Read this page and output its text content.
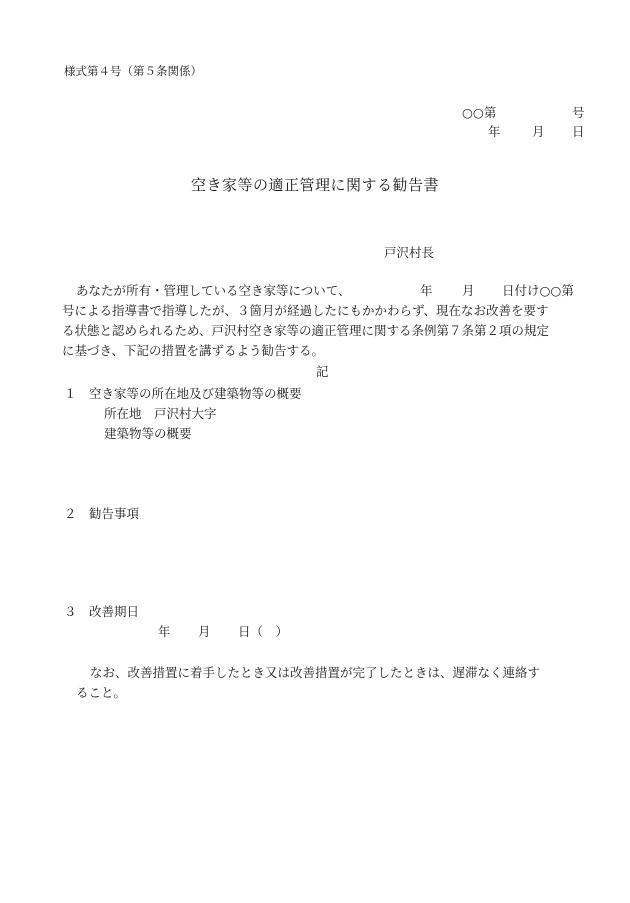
様式第４号（第５条関係）
○○第	号
年	月 日
空き家等の適正管理に関する勧告書
戸沢村長
あなたが所有・管理している空き家等について、	年 月 日付け○○第
号による指導書で指導したが、３箇月が経過したにもかかわらず、現在なお改善を要す
る状態と認められるため、戸沢村空き家等の適正管理に関する条例第７条第２項の規定
に基づき、下記の措置を講ずるよう勧告する。
記
１　空き家等の所在地及び建築物等の概要
所在地　戸沢村大字
建築物等の概要
２　勧告事項
３　改善期日
年 月 日（　）
なお、改善措置に着手したとき又は改善措置が完了したときは、遅滞なく連絡す
ること。
